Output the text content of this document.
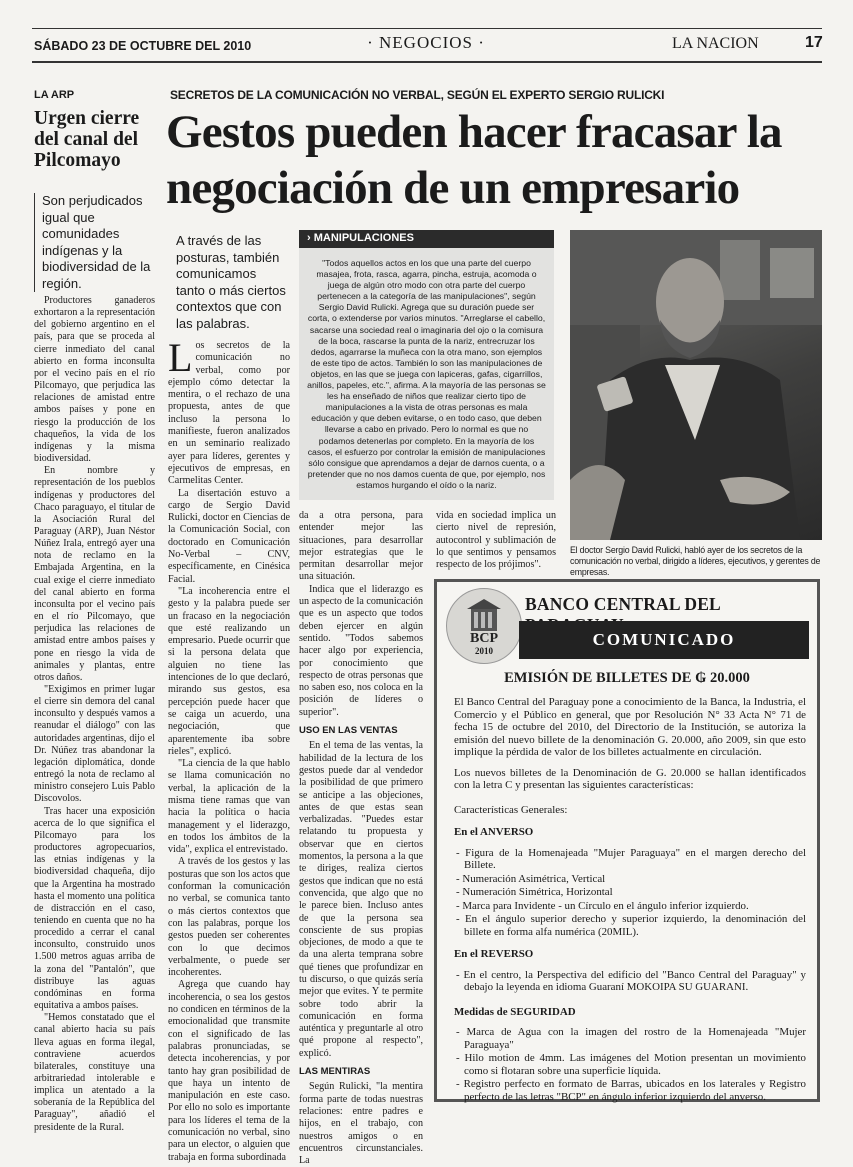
SÁBADO 23 DE OCTUBRE DEL 2010	· NEGOCIOS ·	LA NACION	17
LA ARP
Urgen cierre del canal del Pilcomayo
Son perjudicados igual que comunidades indígenas y la biodiversidad de la región.

Productores ganaderos exhortaron a la representación del gobierno argentino en el país, para que se proceda al cierre inmediato del canal abierto en forma inconsulta por el vecino país en el río Pilcomayo, que perjudica las relaciones de amistad entre ambos países y pone en riesgo la producción de los chaqueños, la vida de los indígenas y la misma biodiversidad.

En nombre y representación de los pueblos indígenas y productores del Chaco paraguayo, el titular de la Asociación Rural del Paraguay (ARP), Juan Néstor Núñez Irala, entregó ayer una nota de reclamo en la Embajada Argentina, en la cual exige el cierre inmediato del canal abierto en forma inconsulta por el vecino país en el río Pilcomayo, que perjudica las relaciones de amistad entre ambos países y pone en riesgo la vida de animales y plantas, entre otros daños.

"Exigimos en primer lugar el cierre sin demora del canal inconsulto y después vamos a reanudar el diálogo" con las autoridades argentinas, dijo el Dr. Núñez tras abandonar la legación diplomática, donde entregó la nota de reclamo al ministro consejero Luis Pablo Discovolos.

Tras hacer una exposición acerca de lo que significa el Pilcomayo para los productores agropecuarios, las etnias indígenas y la biodiversidad chaqueña, dijo que la Argentina ha mostrado hasta el momento una política de distracción en el caso, teniendo en cuenta que no ha procedido a cerrar el canal inconsulto, construido unos 1.500 metros aguas arriba de la zona del "Pantalón", que distribuye las aguas condóminas en forma equitativa a ambos países.

"Hemos constatado que el canal abierto hacia su país lleva aguas en forma ilegal, contraviene acuerdos bilaterales, constituye una arbitrariedad intolerable e implica un atentado a la soberanía de la República del Paraguay", añadió el presidente de la Rural.

SECRETOS DE LA COMUNICACIÓN NO VERBAL, SEGÚN EL EXPERTO SERGIO RULICKI
Gestos pueden hacer fracasar la
negociación de un empresario
A través de las posturas, también comunicamos tanto o más ciertos contextos que con las palabras.
L os secretos de la comunicación no verbal, como por ejemplo cómo detectar la mentira, o el rechazo de una propuesta, antes de que incluso la persona lo manifieste, fueron analizados en un seminario realizado ayer para líderes, gerentes y ejecutivos de empresas, en Carmelitas Center.

La disertación estuvo a cargo de Sergio David Rulicki, doctor en Ciencias de la Comunicación Social, con doctorado en Comunicación No-Verbal – CNV, específicamente, en Cinésica Facial.

"La incoherencia entre el gesto y la palabra puede ser un fracaso en la negociación que esté realizando un empresario. Puede ocurrir que si la persona delata que alguien no tiene las intenciones de lo que declaró, mirando sus gestos, esa percepción puede hacer que se caiga un acuerdo, una negociación, que aparentemente iba sobre rieles", explicó.

"La ciencia de la que hablo se llama comunicación no verbal, la aplicación de la misma tiene ramas que van hacia la política o hacia management y el liderazgo, en todos los ámbitos de la vida", explica el entrevistado.

A través de los gestos y las posturas que son los actos que conforman la comunicación no verbal, se comunica tanto o más ciertos contextos que con las palabras, porque los gestos pueden ser coherentes con lo que decimos verbalmente, o puede ser incoherentes.

Agrega que cuando hay incoherencia, o sea los gestos no condicen en términos de la emocionalidad que transmite con el significado de las palabras pronunciadas, se detecta incoherencias, y por tanto hay gran posibilidad de que haya un intento de manipulación en este caso. Por ello no solo es importante para los líderes el tema de la comunicación no verbal, sino para un elector, o alguien que trabaja en forma subordinada

› MANIPULACIONES
"Todos aquellos actos en los que una parte del cuerpo masajea, frota, rasca, agarra, pincha, estruja, acomoda o juega de algún otro modo con otra parte del cuerpo pertenecen a la categoría de las manipulaciones", según Sergio David Rulicki. Agrega que su duración puede ser corta, o extenderse por varios minutos. "Arreglarse el cabello, sacarse una sociedad real o imaginaria del ojo o la comisura de la boca, rascarse la punta de la nariz, entrecruzar los dedos, agarrarse la muñeca con la otra mano, son ejemplos de este tipo de actos. También lo son las manipulaciones de objetos, en las que se juega con lapiceras, gafas, cigarrillos, anillos, papeles, etc.", afirma. A la mayoría de las personas se les ha enseñado de niños que realizar cierto tipo de manipulaciones a la vista de otras personas es mala educación y que deben evitarse, o en todo caso, que deben llevarse a cabo en privado. Pero lo normal es que no podamos detenerlas por completo. En la mayoría de los casos, el esfuerzo por controlar la emisión de manipulaciones sólo consigue que aprendamos a dejar de darnos cuenta, o a pretender que no nos damos cuenta de que, por ejemplo, nos estamos hurgando el oído o la nariz.

da a otra persona, para entender mejor las situaciones, para desarrollar mejor estrategias que le permitan desarrollar mejor una situación.

Indica que el liderazgo es un aspecto de la comunicación que es un aspecto que todos deben ejercer en algún sentido. "Todos sabemos hacer algo por experiencia, por conocimiento que respecto de otras personas que no saben eso, nos coloca en la posición de líderes o superior".

USO EN LAS VENTAS

En el tema de las ventas, la habilidad de la lectura de los gestos puede dar al vendedor la posibilidad de que primero se anticipe a las objeciones, antes de que estas sean verbalizadas. "Puedes estar relatando tu propuesta y observar que en ciertos momentos, la persona a la que te diriges, realiza ciertos gestos que indican que no está convencida, que algo que no le parece bien. Incluso antes de que la persona sea consciente de sus propias objeciones, de modo a que te da una alerta temprana sobre qué tienes que profundizar en tu discurso, o que quizás sería mejor que evites. Y te permite sobre todo abrir la comunicación en forma auténtica y preguntarle al otro qué propone al respecto", explicó.

LAS MENTIRAS

Según Rulicki, "la mentira forma parte de todas nuestras relaciones: entre padres e hijos, en el trabajo, con nuestros amigos o en encuentros circunstanciales. La

vida en sociedad implica un cierto nivel de represión, autocontrol y sublimación de lo que sentimos y pensamos respecto de los prójimos".

El doctor Sergio David Rulicki, habló ayer de los secretos de la comunicación no verbal, dirigido a líderes, ejecutivos, y gerentes de empresas.
BCP
2010
BANCO CENTRAL DEL
COMUNICADO
EMISIÓN DE BILLETES DE ₲ 20.000

El Banco Central del Paraguay pone a conocimiento de la Banca, la Industria, el Comercio y el Público en general, que por Resolución N° 33 Acta N° 71 de fecha 15 de octubre del 2010, del Directorio de la Institución, se autoriza la emisión del nuevo billete de la denominación G. 20.000, año 2009, sin que esto implique la pérdida de valor de los billetes actualmente en circulación.

Los nuevos billetes de la Denominación de G. 20.000 se hallan identificados con la letra C y presentan las siguientes características:

Características Generales:

En el ANVERSO

- Figura de la Homenajeada "Mujer Paraguaya" en el margen derecho del Billete.
- Numeración Asimétrica, Vertical
- Numeración Simétrica, Horizontal
- Marca para Invidente - un Círculo en el ángulo inferior izquierdo.
- En el ángulo superior derecho y superior izquierdo, la denominación del billete en forma alfa numérica (20MIL).

En el REVERSO

- En el centro, la Perspectiva del edificio del "Banco Central del Paraguay" y debajo la leyenda en idioma Guaraní MOKOIPA SU GUARANI.

Medidas de SEGURIDAD

- Marca de Agua con la imagen del rostro de la Homenajeada "Mujer Paraguaya"
- Hilo motion de 4mm. Las imágenes del Motion presentan un movimiento como si flotaran sobre una superficie líquida.
- Registro perfecto en formato de Barras, ubicados en los laterales y Registro perfecto de las letras "BCP" en ángulo inferior izquierdo del anverso.
